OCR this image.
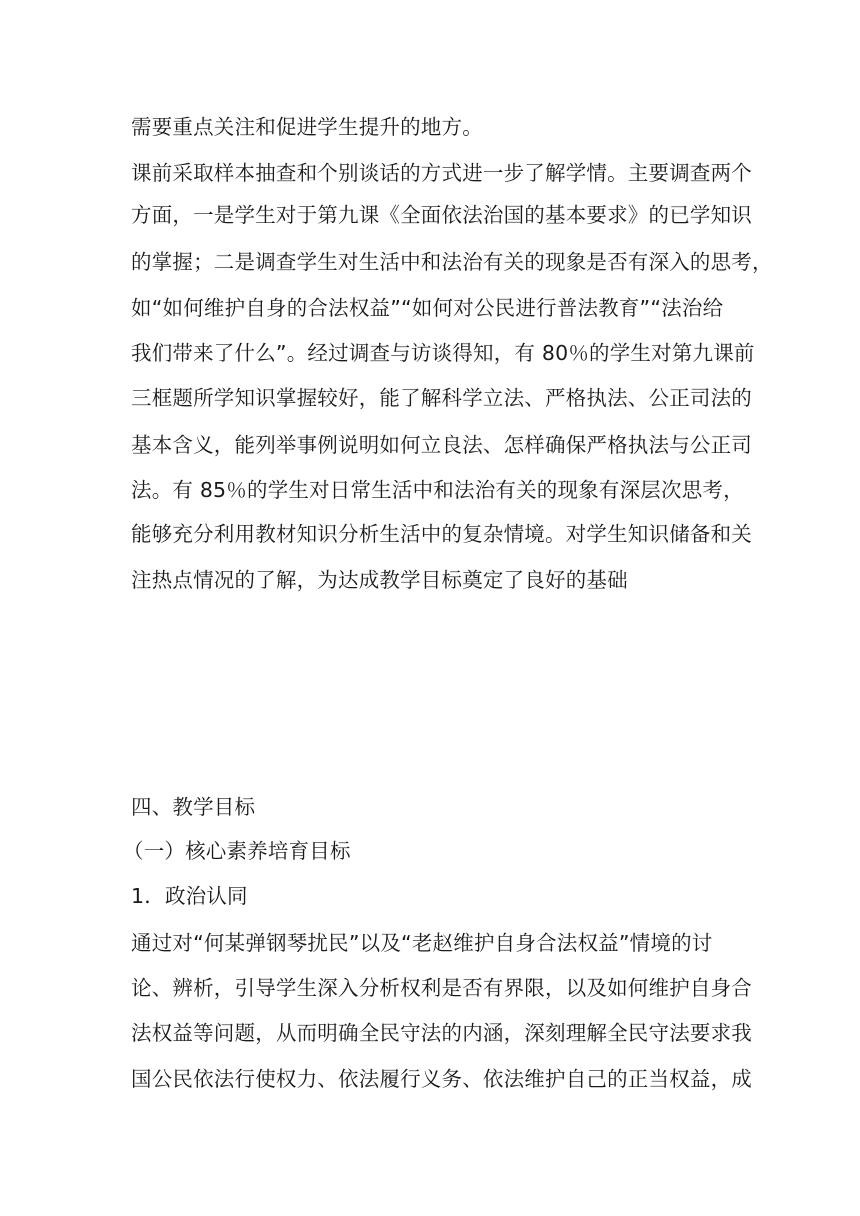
需要重点关注和促进学生提升的地方。
课前采取样本抽查和个别谈话的方式进一步了解学情。主要调查两个
方面，一是学生对于第九课《全面依法治国的基本要求》的已学知识
的掌握；二是调查学生对生活中和法治有关的现象是否有深入的思考，
如“如何维护自身的合法权益”“如何对公民进行普法教育”“法治给
我们带来了什么”。经过调查与访谈得知，有 80％的学生对第九课前
三框题所学知识掌握较好，能了解科学立法、严格执法、公正司法的
基本含义，能列举事例说明如何立良法、怎样确保严格执法与公正司
法。有 85％的学生对日常生活中和法治有关的现象有深层次思考，
能够充分利用教材知识分析生活中的复杂情境。对学生知识储备和关
注热点情况的了解，为达成教学目标奠定了良好的基础
四、教学目标
（一）核心素养培育目标
1．政治认同
通过对“何某弹钢琴扰民”以及“老赵维护自身合法权益”情境的讨
论、辨析，引导学生深入分析权利是否有界限，以及如何维护自身合
法权益等问题，从而明确全民守法的内涵，深刻理解全民守法要求我
国公民依法行使权力、依法履行义务、依法维护自己的正当权益，成
